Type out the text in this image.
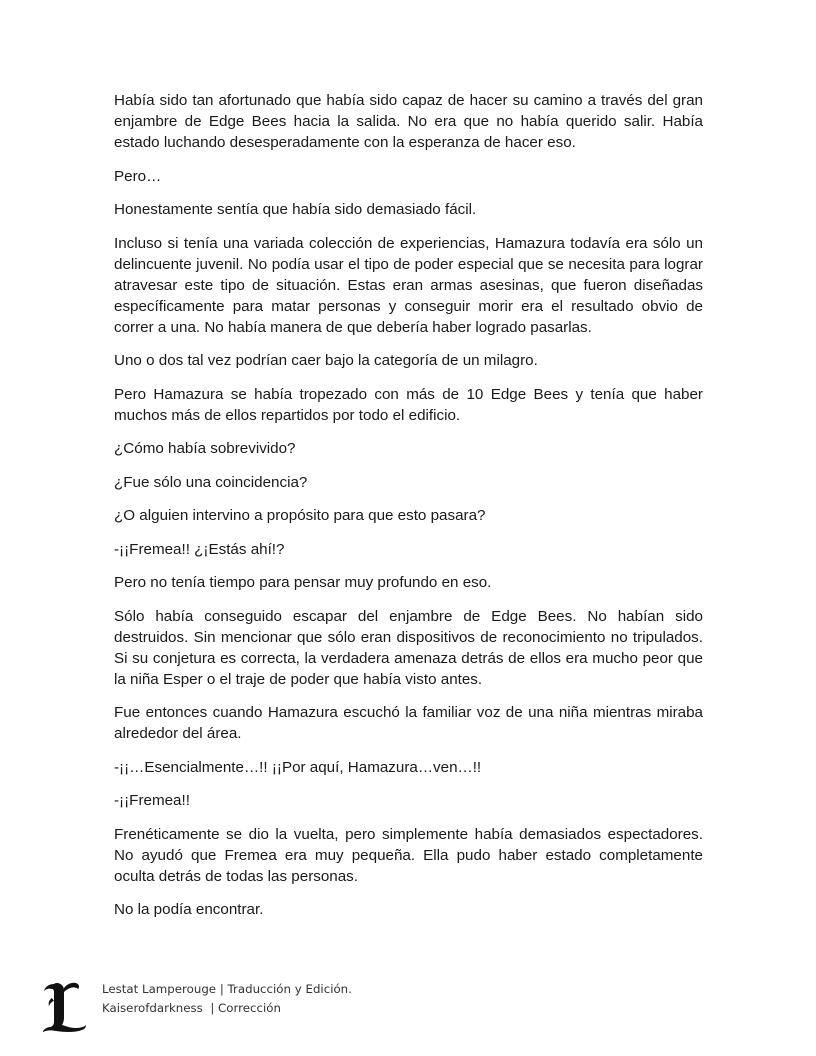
Había sido tan afortunado que había sido capaz de hacer su camino a través del gran enjambre de Edge Bees hacia la salida. No era que no había querido salir. Había estado luchando desesperadamente con la esperanza de hacer eso.

Pero…

Honestamente sentía que había sido demasiado fácil.

Incluso si tenía una variada colección de experiencias, Hamazura todavía era sólo un delincuente juvenil. No podía usar el tipo de poder especial que se necesita para lograr atravesar este tipo de situación. Estas eran armas asesinas, que fueron diseñadas específicamente para matar personas y conseguir morir era el resultado obvio de correr a una. No había manera de que debería haber logrado pasarlas.

Uno o dos tal vez podrían caer bajo la categoría de un milagro.

Pero Hamazura se había tropezado con más de 10 Edge Bees y tenía que haber muchos más de ellos repartidos por todo el edificio.

¿Cómo había sobrevivido?

¿Fue sólo una coincidencia?

¿O alguien intervino a propósito para que esto pasara?

-¡¡Fremea!! ¿¡Estás ahí!?

Pero no tenía tiempo para pensar muy profundo en eso.

Sólo había conseguido escapar del enjambre de Edge Bees. No habían sido destruidos. Sin mencionar que sólo eran dispositivos de reconocimiento no tripulados. Si su conjetura es correcta, la verdadera amenaza detrás de ellos era mucho peor que la niña Esper o el traje de poder que había visto antes.

Fue entonces cuando Hamazura escuchó la familiar voz de una niña mientras miraba alrededor del área.

-¡¡…Esencialmente…!! ¡¡Por aquí, Hamazura…ven…!!

-¡¡Fremea!!

Frenéticamente se dio la vuelta, pero simplemente había demasiados espectadores. No ayudó que Fremea era muy pequeña. Ella pudo haber estado completamente oculta detrás de todas las personas.

No la podía encontrar.

Lestat Lamperouge | Traducción y Edición.
Kaiserofdarkness  | Corrección
